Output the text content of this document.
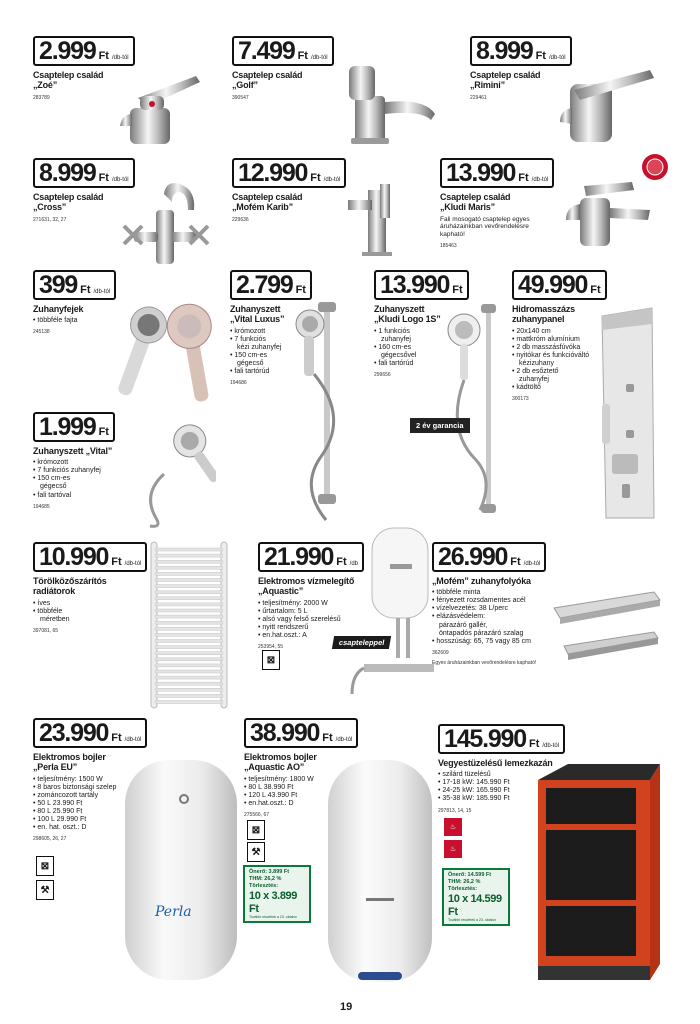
2.999 Ft /db-tól
Csaptelep család
„Zoé”
283789
7.499 Ft /db-tól
Csaptelep család
„Golf”
390547
8.999 Ft /db-tól
Csaptelep család
„Rimini”
229461
8.999 Ft /db-tól
Csaptelep család
„Cross”
271631, 32, 27
12.990 Ft /db-tól
Csaptelep család
„Mofém Karib”
229636
13.990 Ft /db-tól
Csaptelep család
„Kludi Maris”
Fali mosogató csaptelep egyes
áruházainkban vevőrendelésre
kapható!
185463
399 Ft /db-tól
Zuhanyfejek
• többféle fajta
245138
2.799 Ft
Zuhanyszett
„Vital Luxus”
• krómozott
• 7 funkciós
kézi zuhanyfej
• 150 cm-es
gégecső
• fali tartórúd
194686
13.990 Ft
Zuhanyszett
„Kludi Logo 1S”
• 1 funkciós
zuhanyfej
• 160 cm-es
gégecsővel
• fali tartórúd
299656
2 év garancia
49.990 Ft
Hidromasszázs
zuhanypanel
• 20x140 cm
• mattkróm alumínium
• 2 db masszásfúvóka
• nyitókar és funkcióváltó
kézizuhany
• 2 db esőztető
zuhanyfej
• kádtöltő
300173
1.999 Ft
Zuhanyszett „Vital”
• krómozott
• 7 funkciós zuhanyfej
• 150 cm-es
gégecső
• fali tartóval
194685
10.990 Ft /db-tól
Törölközőszárítós
radiátorok
• íves
• többféle
méretben
397081, 65
21.990 Ft /db
Elektromos vízmelegítő
„Aquastic”
• teljesítmény: 2000 W
• űrtartalom: 5 L
• alsó vagy felső szerelésű
• nyitt rendszerű
• en.hat.oszt.: A
253954, 55
⊠
csapteleppel
26.990 Ft /db-tól
„Mofém” zuhanyfolyóka
• többféle minta
• fényezett rozsdamentes acél
• vízelvezetés: 38 L/perc
• elázásvédelem:
párazáró gallér,
öntapadós párazáró szalag
• hosszúság: 65, 75 vagy 85 cm
362609
Egyes áruházainkban vevőrendelésre kapható!
23.990 Ft /db-tól
Elektromos bojler
„Perla EU”
• teljesítmény: 1500 W
• 8 baros biztonsági szelep
• zománcozott tartály
• 50 L 23.990 Ft
• 80 L 25.990 Ft
• 100 L 29.990 Ft
• en. hat. oszt.: D
298605, 26, 27
⊠
⚒
Perla
38.990 Ft /db-tól
Elektromos bojler
„Aquastic AO”
• teljesítmény: 1800 W
• 80 L 38.990 Ft
• 120 L 43.990 Ft
• en.hat.oszt.: D
275566, 67
⊠
⚒
Önerő: 3.899 Ft
THM: 26,2 %
Törlesztés:
10 x 3.899 Ft
További részletek a 23. oldalon
145.990 Ft /db-tól
Vegyestüzelésű lemezkazán
• szilárd tüzelésű
• 17-18 kW: 145.990 Ft
• 24-25 kW: 165.990 Ft
• 35-38 kW: 185.990 Ft
297813, 14, 15
♨
♨
Önerő: 14.599 Ft
THM: 26,2 %
Törlesztés:
10 x 14.599 Ft
További részletek a 23. oldalon
19
